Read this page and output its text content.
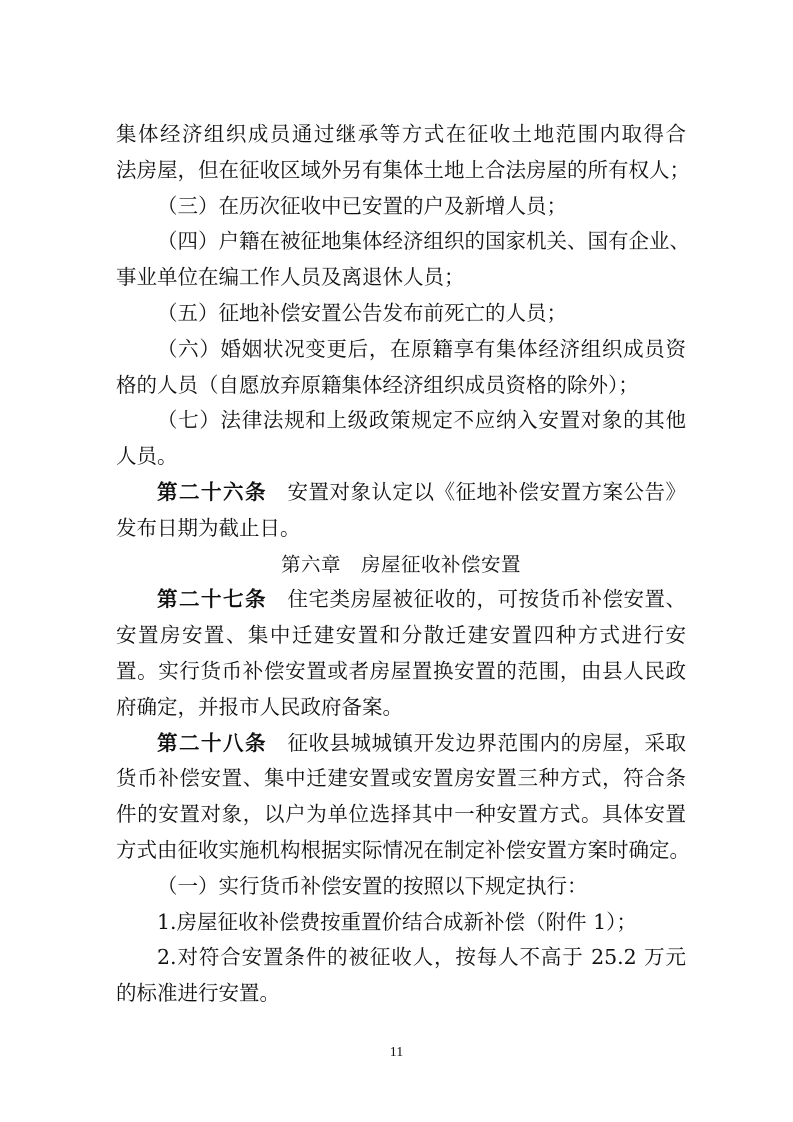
集体经济组织成员通过继承等方式在征收土地范围内取得合
法房屋，但在征收区域外另有集体土地上合法房屋的所有权人；
（三）在历次征收中已安置的户及新增人员；
（四）户籍在被征地集体经济组织的国家机关、国有企业、
事业单位在编工作人员及离退休人员；
（五）征地补偿安置公告发布前死亡的人员；
（六）婚姻状况变更后，在原籍享有集体经济组织成员资
格的人员（自愿放弃原籍集体经济组织成员资格的除外）；
（七）法律法规和上级政策规定不应纳入安置对象的其他
人员。
第二十六条 安置对象认定以《征地补偿安置方案公告》
发布日期为截止日。
第六章　房屋征收补偿安置
第二十七条 住宅类房屋被征收的，可按货币补偿安置、
安置房安置、集中迁建安置和分散迁建安置四种方式进行安
置。实行货币补偿安置或者房屋置换安置的范围，由县人民政
府确定，并报市人民政府备案。
第二十八条 征收县城城镇开发边界范围内的房屋，采取
货币补偿安置、集中迁建安置或安置房安置三种方式，符合条
件的安置对象，以户为单位选择其中一种安置方式。具体安置
方式由征收实施机构根据实际情况在制定补偿安置方案时确定。
（一）实行货币补偿安置的按照以下规定执行：
1.房屋征收补偿费按重置价结合成新补偿（附件 1）；
2.对符合安置条件的被征收人，按每人不高于 25.2 万元
的标准进行安置。
11
